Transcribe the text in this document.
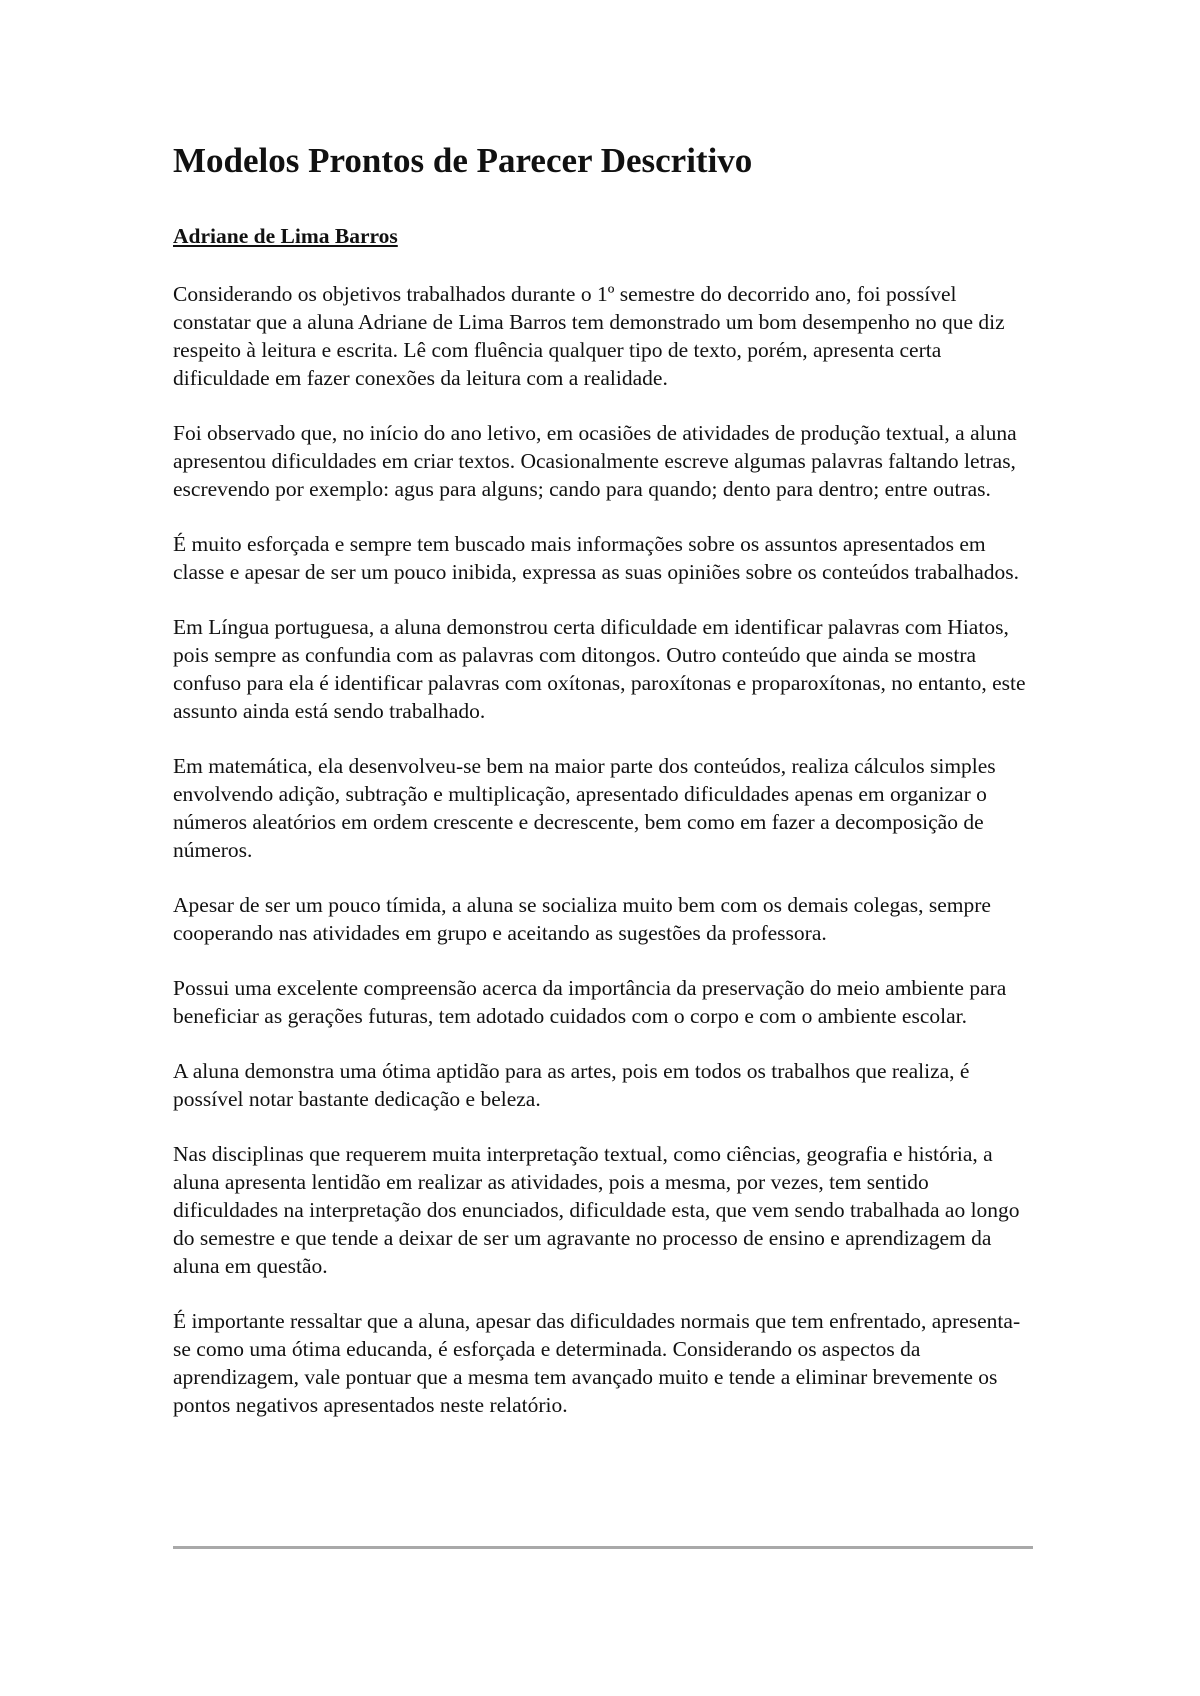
Modelos Prontos de Parecer Descritivo
Adriane de Lima Barros

Considerando os objetivos trabalhados durante o 1º semestre do decorrido ano, foi possível constatar que a aluna Adriane de Lima Barros tem demonstrado um bom desempenho no que diz respeito à leitura e escrita. Lê com fluência qualquer tipo de texto, porém, apresenta certa dificuldade em fazer conexões da leitura com a realidade.

Foi observado que, no início do ano letivo, em ocasiões de atividades de produção textual, a aluna apresentou dificuldades em criar textos. Ocasionalmente escreve algumas palavras faltando letras, escrevendo por exemplo: agus para alguns; cando para quando; dento para dentro; entre outras.

É muito esforçada e sempre tem buscado mais informações sobre os assuntos apresentados em classe e apesar de ser um pouco inibida, expressa as suas opiniões sobre os conteúdos trabalhados.

Em Língua portuguesa, a aluna demonstrou certa dificuldade em identificar palavras com Hiatos, pois sempre as confundia com as palavras com ditongos. Outro conteúdo que ainda se mostra confuso para ela é identificar palavras com oxítonas, paroxítonas e proparoxítonas, no entanto, este assunto ainda está sendo trabalhado.

Em matemática, ela desenvolveu-se bem na maior parte dos conteúdos, realiza cálculos simples envolvendo adição, subtração e multiplicação, apresentado dificuldades apenas em organizar o números aleatórios em ordem crescente e decrescente, bem como em fazer a decomposição de números.

Apesar de ser um pouco tímida, a aluna se socializa muito bem com os demais colegas, sempre cooperando nas atividades em grupo e aceitando as sugestões da professora.

Possui uma excelente compreensão acerca da importância da preservação do meio ambiente para beneficiar as gerações futuras, tem adotado cuidados com o corpo e com o ambiente escolar.

A aluna demonstra uma ótima aptidão para as artes, pois em todos os trabalhos que realiza, é possível notar bastante dedicação e beleza.

Nas disciplinas que requerem muita interpretação textual, como ciências, geografia e história, a aluna apresenta lentidão em realizar as atividades, pois a mesma, por vezes, tem sentido dificuldades na interpretação dos enunciados, dificuldade esta, que vem sendo trabalhada ao longo do semestre e que tende a deixar de ser um agravante no processo de ensino e aprendizagem da aluna em questão.

É importante ressaltar que a aluna, apesar das dificuldades normais que tem enfrentado, apresenta-se como uma ótima educanda, é esforçada e determinada. Considerando os aspectos da aprendizagem, vale pontuar que a mesma tem avançado muito e tende a eliminar brevemente os pontos negativos apresentados neste relatório.
